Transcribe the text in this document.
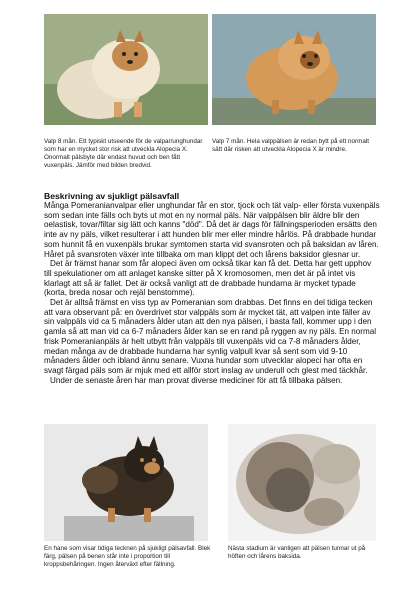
Valp 8 mån. Ett typiskt utseende för de valpar/unghundar som har en mycket stor risk att utveckla Alopecia X. Onormalt pälsbyte där endast huvud och ben fått vuxenpäls. Jämför med bilden bredvid.

Valp 7 mån. Hela valppälsen är redan bytt på ett normalt sätt där risken att utveckla Alopecia X är mindre.

Beskrivning av sjukligt pälsavfall

Många Pomeranianvalpar eller unghundar får en stor, tjock och tät valp- eller första vuxenpäls som sedan inte fälls och byts ut mot en ny normal päls. När valppälsen blir äldre blir den oelastisk, tovar/filtar sig lätt och kanns "död". Då det är dags för fällningsperioden ersätts den inte av ny päls, vilket resulterar i att hunden blir mer eller mindre hårlös. På drabbade hundar som hunnit få en vuxenpäls brukar symtomen starta vid svansroten och på baksidan av låren. Håret på svansroten växer inte tillbaka om man klippt det och lårens baksidor glesnar ur.

Det är främst hanar som får alopeci även om också tikar kan få det. Detta har gett upphov till spekulationer om att anlaget kanske sitter på X kromosomen, men det är på intet vis klarlagt att så är fallet. Det är också vanligt att de drabbade hundarna är mycket typade (korta, breda nosar och rejäl benstomme).

Det är alltså främst en viss typ av Pomeranian som drabbas. Det finns en del tidiga tecken att vara observant på: en överdrivet stor valppäls som är mycket tät, att valpen inte fäller av sin valppäls vid ca 5 månaders ålder utan att den nya pälsen, i basta fall, kommer upp i den gamla så att man vid ca 6-7 månaders ålder kan se en rand på ryggen av ny päls. En normal frisk Pomeranianpäls är helt utbytt från valppäls till vuxenpäls vid ca 7-8 månaders ålder, medan många av de drabbade hundarna har synlig valpull kvar så sent som vid 9-10 månaders ålder och ibland ännu senare. Vuxna hundar som utvecklar alopeci har ofta en svagt färgad päls som är mjuk med ett allför stort inslag av underull och glest med täckhår.

Under de senaste åren har man provat diverse mediciner för att få tillbaka pälsen.

En hane som visar tidiga tecknen på sjukligt pälsavfall. Blek färg, pälsen på benen står inte i proportion till kroppsbehåringen. Ingen återväxt efter fällning.

Nästa stadium är vanligen att pälsen tunnar ut på höften och lårens baksida.
